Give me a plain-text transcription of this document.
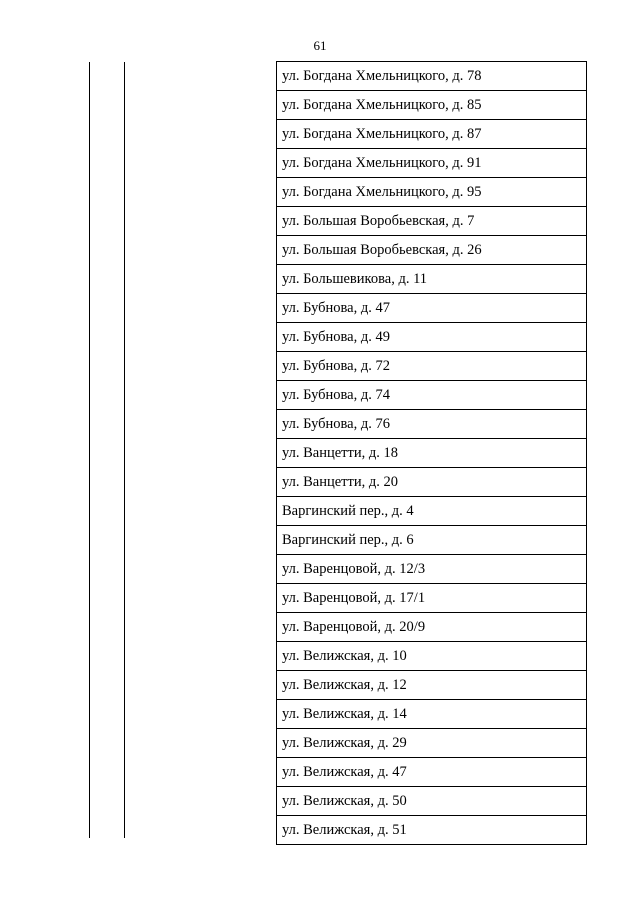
61
ул. Богдана Хмельницкого, д. 78
ул. Богдана Хмельницкого, д. 85
ул. Богдана Хмельницкого, д. 87
ул. Богдана Хмельницкого, д. 91
ул. Богдана Хмельницкого, д. 95
ул. Большая Воробьевская, д. 7
ул. Большая Воробьевская, д. 26
ул. Большевикова, д. 11
ул. Бубнова, д. 47
ул. Бубнова, д. 49
ул. Бубнова, д. 72
ул. Бубнова, д. 74
ул. Бубнова, д. 76
ул. Ванцетти, д. 18
ул. Ванцетти, д. 20
Варгинский пер., д. 4
Варгинский пер., д. 6
ул. Варенцовой, д. 12/3
ул. Варенцовой, д. 17/1
ул. Варенцовой, д. 20/9
ул. Велижская, д. 10
ул. Велижская, д. 12
ул. Велижская, д. 14
ул. Велижская, д. 29
ул. Велижская, д. 47
ул. Велижская, д. 50
ул. Велижская, д. 51
